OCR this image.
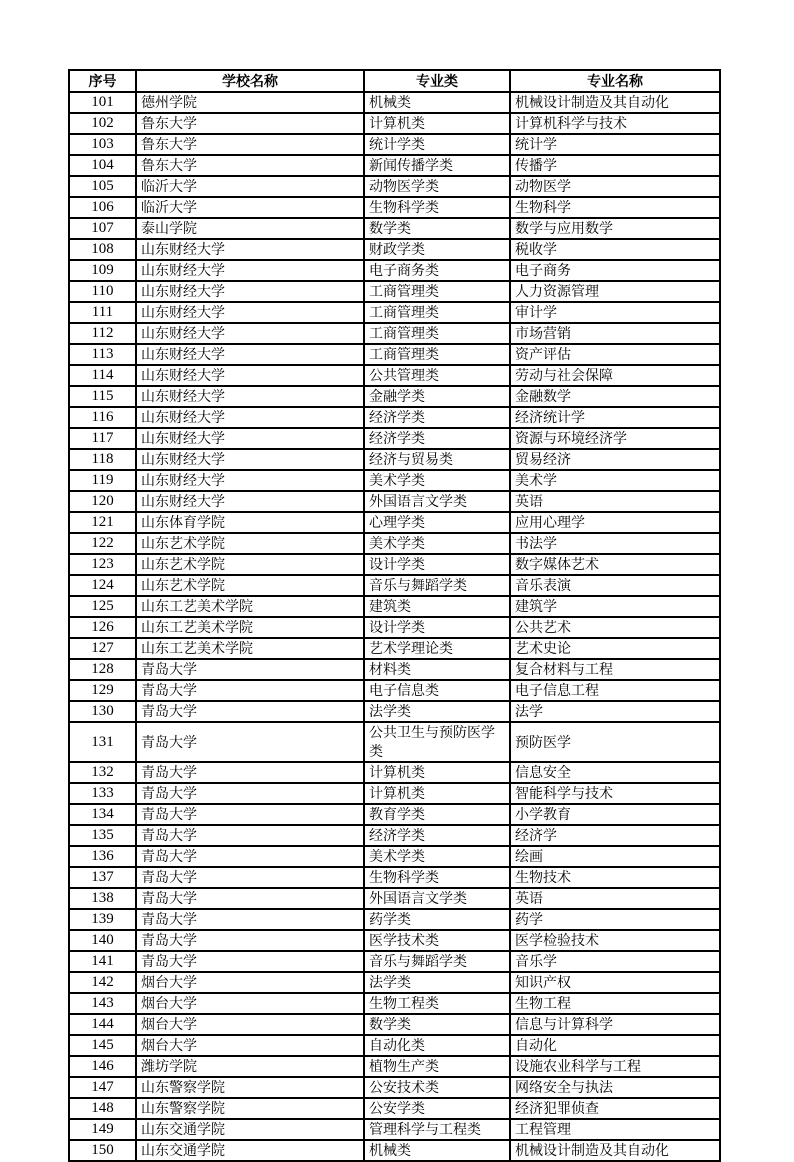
序号	学校名称	专业类	专业名称
101	德州学院	机械类	机械设计制造及其自动化
102	鲁东大学	计算机类	计算机科学与技术
103	鲁东大学	统计学类	统计学
104	鲁东大学	新闻传播学类	传播学
105	临沂大学	动物医学类	动物医学
106	临沂大学	生物科学类	生物科学
107	泰山学院	数学类	数学与应用数学
108	山东财经大学	财政学类	税收学
109	山东财经大学	电子商务类	电子商务
110	山东财经大学	工商管理类	人力资源管理
111	山东财经大学	工商管理类	审计学
112	山东财经大学	工商管理类	市场营销
113	山东财经大学	工商管理类	资产评估
114	山东财经大学	公共管理类	劳动与社会保障
115	山东财经大学	金融学类	金融数学
116	山东财经大学	经济学类	经济统计学
117	山东财经大学	经济学类	资源与环境经济学
118	山东财经大学	经济与贸易类	贸易经济
119	山东财经大学	美术学类	美术学
120	山东财经大学	外国语言文学类	英语
121	山东体育学院	心理学类	应用心理学
122	山东艺术学院	美术学类	书法学
123	山东艺术学院	设计学类	数字媒体艺术
124	山东艺术学院	音乐与舞蹈学类	音乐表演
125	山东工艺美术学院	建筑类	建筑学
126	山东工艺美术学院	设计学类	公共艺术
127	山东工艺美术学院	艺术学理论类	艺术史论
128	青岛大学	材料类	复合材料与工程
129	青岛大学	电子信息类	电子信息工程
130	青岛大学	法学类	法学
131	青岛大学	公共卫生与预防医学类	预防医学
132	青岛大学	计算机类	信息安全
133	青岛大学	计算机类	智能科学与技术
134	青岛大学	教育学类	小学教育
135	青岛大学	经济学类	经济学
136	青岛大学	美术学类	绘画
137	青岛大学	生物科学类	生物技术
138	青岛大学	外国语言文学类	英语
139	青岛大学	药学类	药学
140	青岛大学	医学技术类	医学检验技术
141	青岛大学	音乐与舞蹈学类	音乐学
142	烟台大学	法学类	知识产权
143	烟台大学	生物工程类	生物工程
144	烟台大学	数学类	信息与计算科学
145	烟台大学	自动化类	自动化
146	潍坊学院	植物生产类	设施农业科学与工程
147	山东警察学院	公安技术类	网络安全与执法
148	山东警察学院	公安学类	经济犯罪侦查
149	山东交通学院	管理科学与工程类	工程管理
150	山东交通学院	机械类	机械设计制造及其自动化
